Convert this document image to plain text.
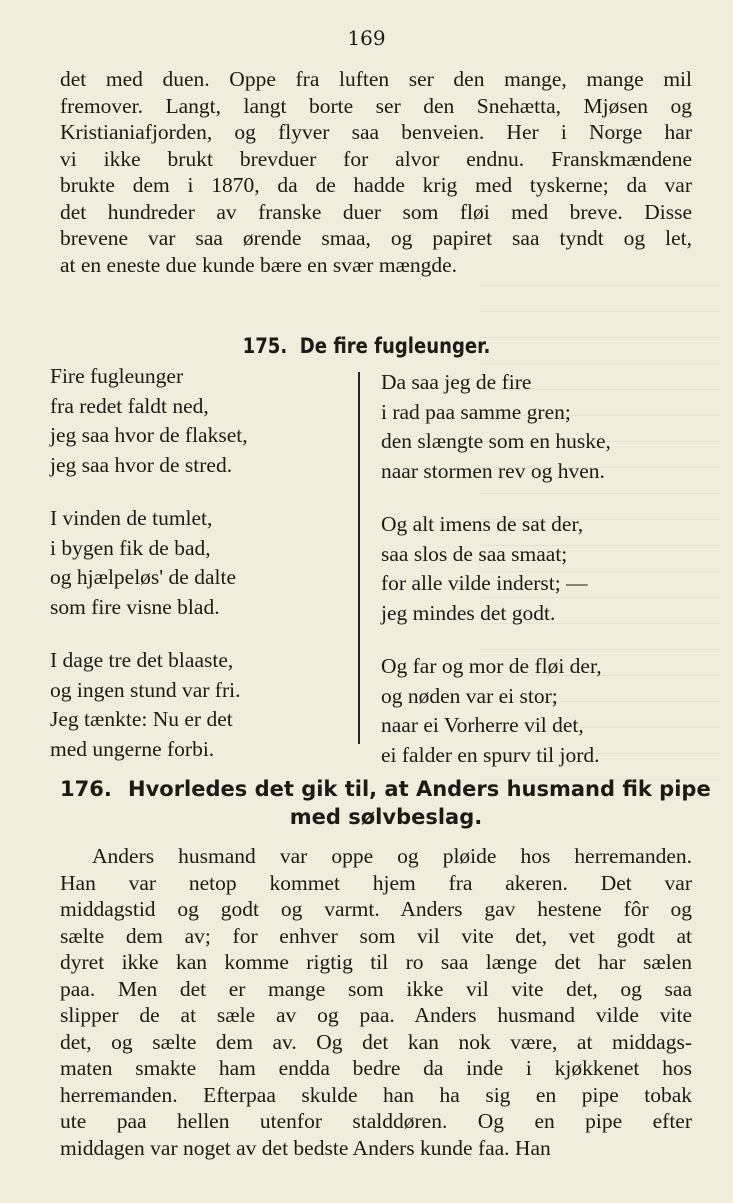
169
det med duen. Oppe fra luften ser den mange, mange mil
fremover. Langt, langt borte ser den Snehætta, Mjøsen og
Kristianiafjorden, og flyver saa benveien. Her i Norge har
vi ikke brukt brevduer for alvor endnu. Franskmændene
brukte dem i 1870, da de hadde krig med tyskerne; da var
det hundreder av franske duer som fløi med breve. Disse
brevene var saa ørende smaa, og papiret saa tyndt og let,
at en eneste due kunde bære en svær mængde.
175. De fire fugleunger.
Fire fugleunger
fra redet faldt ned,
jeg saa hvor de flakset,
jeg saa hvor de stred.
I vinden de tumlet,
i bygen fik de bad,
og hjælpeløs' de dalte
som fire visne blad.
I dage tre det blaaste,
og ingen stund var fri.
Jeg tænkte: Nu er det
med ungerne forbi.
Da saa jeg de fire
i rad paa samme gren;
den slængte som en huske,
naar stormen rev og hven.
Og alt imens de sat der,
saa slos de saa smaat;
for alle vilde inderst; —
jeg mindes det godt.
Og far og mor de fløi der,
og nøden var ei stor;
naar ei Vorherre vil det,
ei falder en spurv til jord.
176. Hvorledes det gik til, at Anders husmand fik pipe
med sølvbeslag.
Anders husmand var oppe og pløide hos herremanden.
Han var netop kommet hjem fra akeren. Det var
middagstid og godt og varmt. Anders gav hestene fôr og
sælte dem av; for enhver som vil vite det, vet godt at
dyret ikke kan komme rigtig til ro saa længe det har sælen
paa. Men det er mange som ikke vil vite det, og saa
slipper de at sæle av og paa. Anders husmand vilde vite
det, og sælte dem av. Og det kan nok være, at middags-
maten smakte ham endda bedre da inde i kjøkkenet hos
herremanden. Efterpaa skulde han ha sig en pipe tobak
ute paa hellen utenfor stalddøren. Og en pipe efter
middagen var noget av det bedste Anders kunde faa. Han
